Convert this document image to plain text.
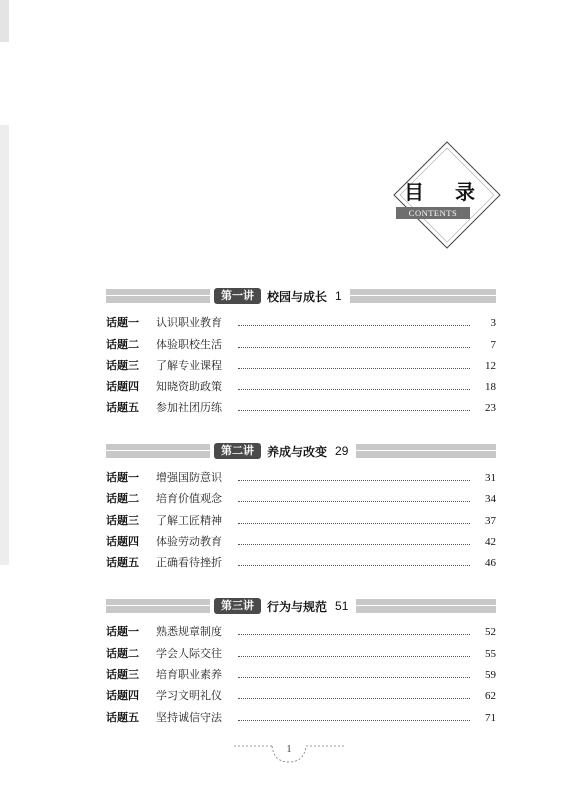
目 录
CONTENTS
第一讲	校园与成长 1
话题一 认识职业教育	3
话题二 体验职校生活	7
话题三 了解专业课程	12
话题四 知晓资助政策	18
话题五 参加社团历练	23
第二讲	养成与改变 29
话题一 增强国防意识	31
话题二 培育价值观念	34
话题三 了解工匠精神	37
话题四 体验劳动教育	42
话题五 正确看待挫折	46
第三讲	行为与规范 51
话题一 熟悉规章制度	52
话题二 学会人际交往	55
话题三 培育职业素养	59
话题四 学习文明礼仪	62
话题五 坚持诚信守法	71
1
